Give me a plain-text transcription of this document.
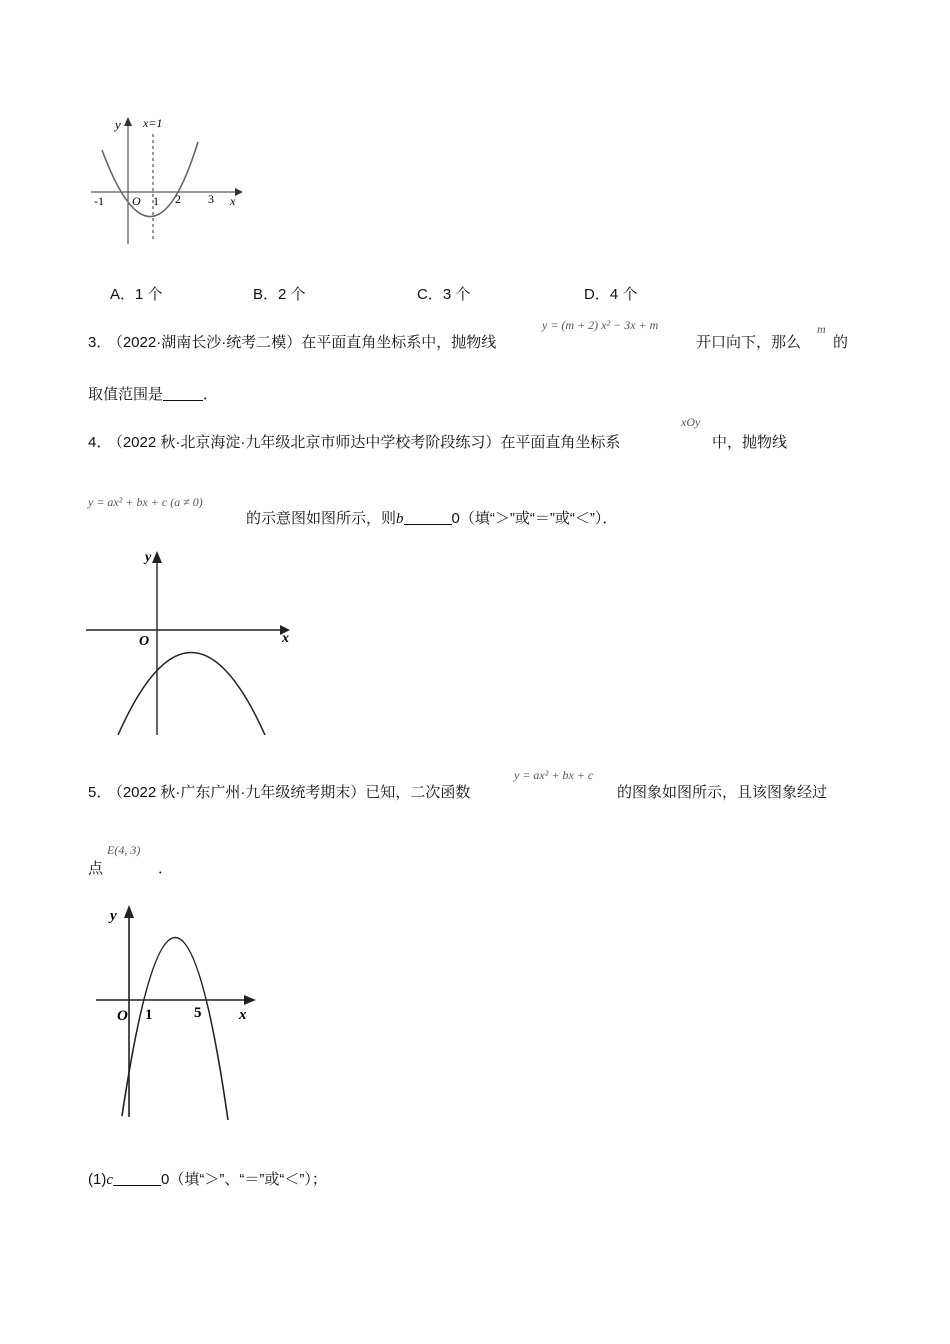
y x=1
x
O
-1	1 2 3
A．1 个	B．2 个	C．3 个	D．4 个
3． （2022·湖南长沙·统考二模）在平面直角坐标系中，抛物线
y = (m + 2) x² − 3x + m
开口向下，那么
m
的
取值范围是	．
4． （2022 秋·北京海淀·九年级北京市师达中学校考阶段练习）在平面直角坐标系
xOy
中，抛物线
y = ax² + bx + c (a ≠ 0)
的示意图如图所示，则b	0（填“＞”或“＝”或“＜”）．
y
x
O
5． （2022 秋·广东广州·九年级统考期末）已知，二次函数
y = ax² + bx + c
的图象如图所示，且该图象经过
点
E(4, 3)
．
y
x
O 1	5
(1)c	0（填“＞”、“＝”或“＜”）；
